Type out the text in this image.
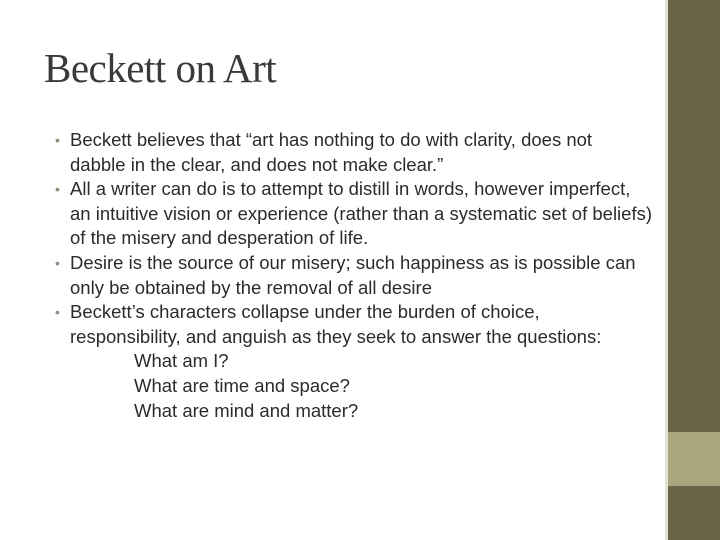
Beckett on Art
• Beckett believes that “art has nothing to do with clarity, does not dabble in the clear, and does not make clear.”
• All a writer can do is to attempt to distill in words, however imperfect, an intuitive vision or experience (rather than a systematic set of beliefs) of the misery and desperation of life.
• Desire is the source of our misery; such happiness as is possible can only be obtained by the removal of all desire
• Beckett’s characters collapse under the burden of choice, responsibility, and anguish as they seek to answer the questions:
What am I?
What are time and space?
What are mind and matter?
